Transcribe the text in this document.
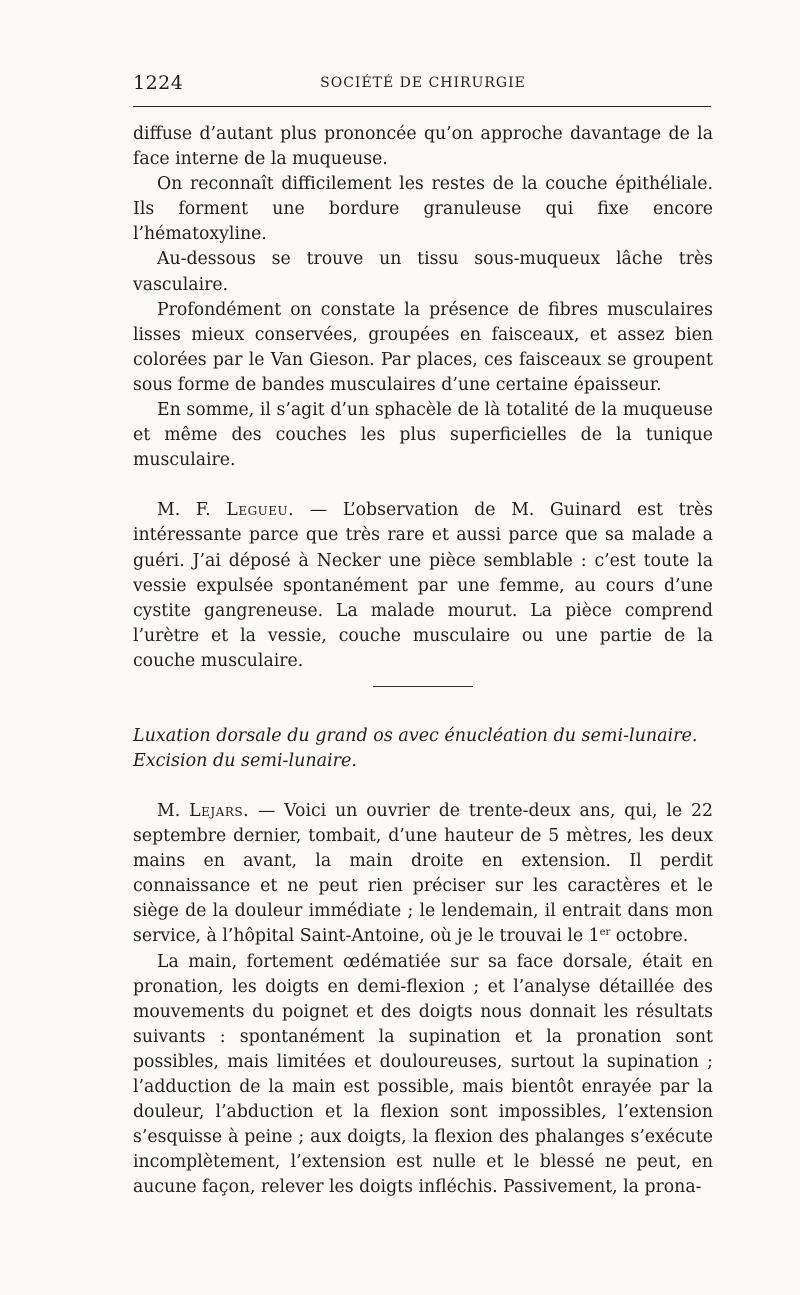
1224	SOCIÉTÉ DE CHIRURGIE

diffuse d’autant plus prononcée qu’on approche davantage de la face interne de la muqueuse.

On reconnaît difficilement les restes de la couche épithéliale. Ils forment une bordure granuleuse qui fixe encore l’hématoxyline.

Au-dessous se trouve un tissu sous-muqueux lâche très vasculaire.

Profondément on constate la présence de fibres musculaires lisses mieux conservées, groupées en faisceaux, et assez bien colorées par le Van Gieson. Par places, ces faisceaux se groupent sous forme de bandes musculaires d’une certaine épaisseur.

En somme, il s’agit d’un sphacèle de là totalité de la muqueuse et même des couches les plus superficielles de la tunique musculaire.

M. F. Legueu. — L’observation de M. Guinard est très intéressante parce que très rare et aussi parce que sa malade a guéri. J’ai déposé à Necker une pièce semblable : c’est toute la vessie expulsée spontanément par une femme, au cours d’une cystite gangreneuse. La malade mourut. La pièce comprend l’urètre et la vessie, couche musculaire ou une partie de la couche musculaire.

Luxation dorsale du grand os avec énucléation du semi-lunaire.

Excision du semi-lunaire.

M. Lejars. — Voici un ouvrier de trente-deux ans, qui, le 22 septembre dernier, tombait, d’une hauteur de 5 mètres, les deux mains en avant, la main droite en extension. Il perdit connaissance et ne peut rien préciser sur les caractères et le siège de la douleur immédiate ; le lendemain, il entrait dans mon service, à l’hôpital Saint-Antoine, où je le trouvai le 1er octobre.

La main, fortement œdématiée sur sa face dorsale, était en pronation, les doigts en demi-flexion ; et l’analyse détaillée des mouvements du poignet et des doigts nous donnait les résultats suivants : spontanément la supination et la pronation sont possibles, mais limitées et douloureuses, surtout la supination ; l’adduction de la main est possible, mais bientôt enrayée par la douleur, l’abduction et la flexion sont impossibles, l’extension s’esquisse à peine ; aux doigts, la flexion des phalanges s’exécute incomplètement, l’extension est nulle et le blessé ne peut, en aucune façon, relever les doigts infléchis. Passivement, la prona-
